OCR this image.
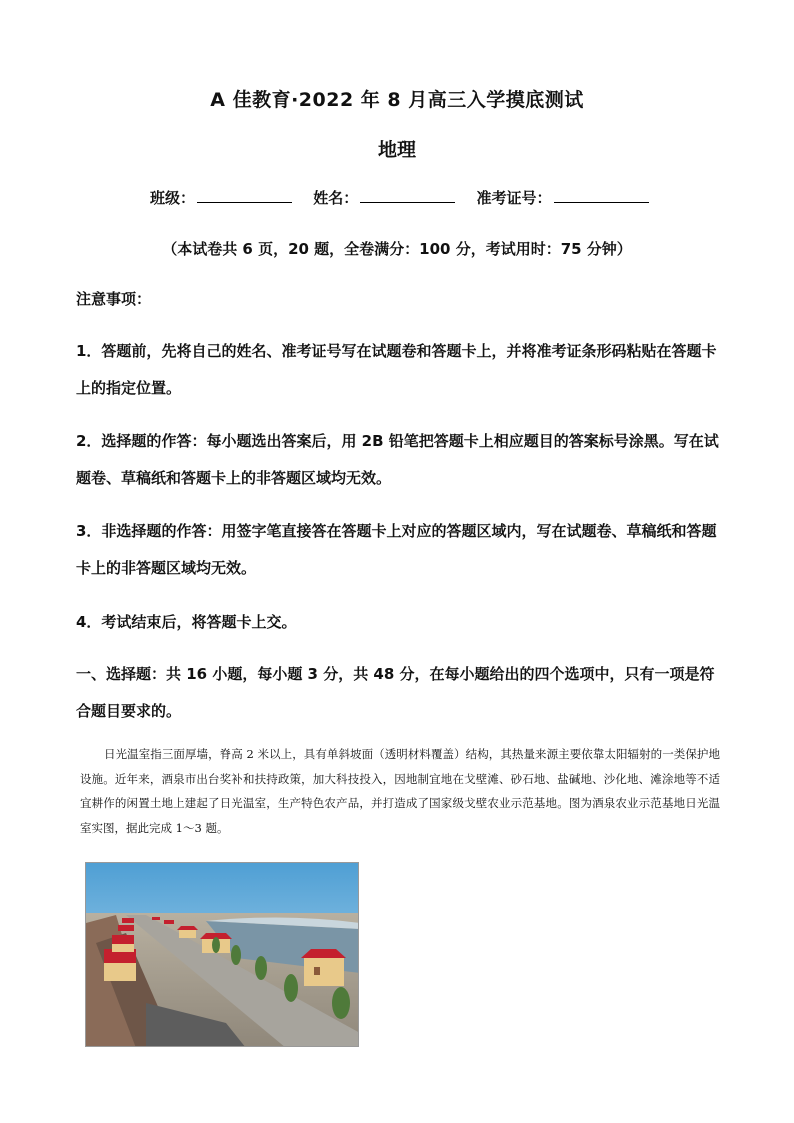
A 佳教育·2022 年 8 月高三入学摸底测试
地理
班级：	姓名：	准考证号：
（本试卷共 6 页，20 题，全卷满分：100 分，考试用时：75 分钟）
注意事项：
1．答题前，先将自己的姓名、准考证号写在试题卷和答题卡上，并将准考证条形码粘贴在答题卡上的指定位置。
2．选择题的作答：每小题选出答案后，用 2B 铅笔把答题卡上相应题目的答案标号涂黑。写在试题卷、草稿纸和答题卡上的非答题区域均无效。
3．非选择题的作答：用签字笔直接答在答题卡上对应的答题区域内，写在试题卷、草稿纸和答题卡上的非答题区域均无效。
4．考试结束后，将答题卡上交。
一、选择题：共 16 小题，每小题 3 分，共 48 分，在每小题给出的四个选项中，只有一项是符合题目要求的。
日光温室指三面厚墙，脊高 2 米以上，具有单斜坡面（透明材料覆盖）结构，其热量来源主要依靠太阳辐射的一类保护地设施。近年来，酒泉市出台奖补和扶持政策，加大科技投入，因地制宜地在戈壁滩、砂石地、盐碱地、沙化地、滩涂地等不适宜耕作的闲置土地上建起了日光温室，生产特色农产品，并打造成了国家级戈壁农业示范基地。图为酒泉农业示范基地日光温室实图，据此完成 1～3 题。
